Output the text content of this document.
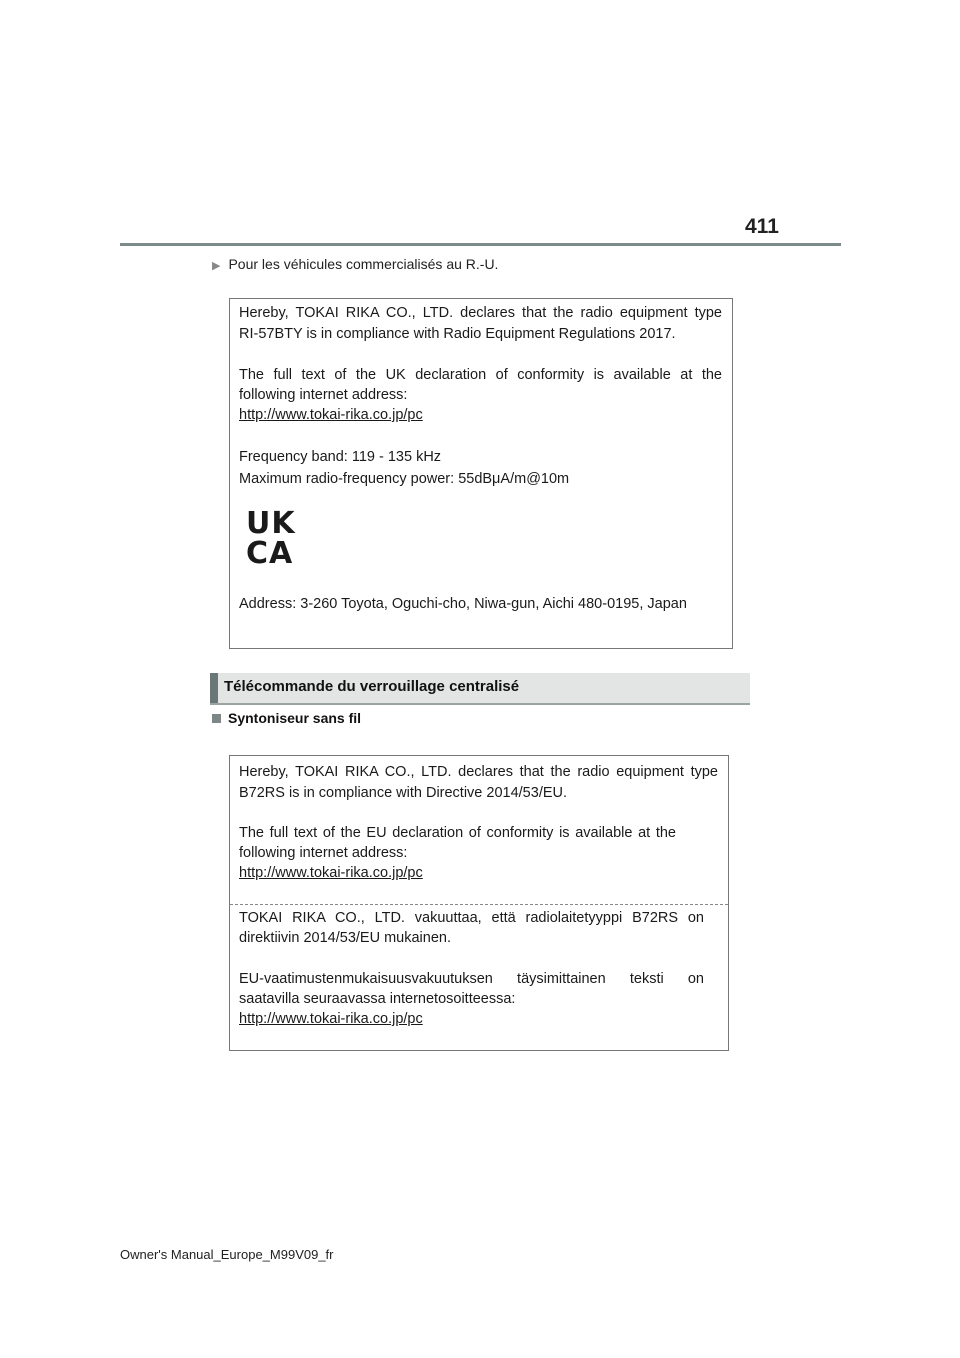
411
▶ Pour les véhicules commercialisés au R.-U.

Hereby, TOKAI RIKA CO., LTD. declares that the radio equipment type

RI-57BTY is in compliance with Radio Equipment Regulations 2017.

The full text of the UK declaration of conformity is available at the

following internet address:

http://www.tokai-rika.co.jp/pc

Frequency band: 119 - 135 kHz

Maximum radio-frequency power: 55dBμA/m@10m

UK
CA

Address: 3-260 Toyota, Oguchi-cho, Niwa-gun, Aichi 480-0195, Japan

Télécommande du verrouillage centralisé
Syntoniseur sans fil

Hereby, TOKAI RIKA CO., LTD. declares that the radio equipment type

B72RS is in compliance with Directive 2014/53/EU.

The full text of the EU declaration of conformity is available at the

following internet address:

http://www.tokai-rika.co.jp/pc

TOKAI RIKA CO., LTD. vakuuttaa, että radiolaitetyyppi B72RS on

direktiivin 2014/53/EU mukainen.

EU-vaatimustenmukaisuusvakuutuksen täysimittainen teksti on

saatavilla seuraavassa internetosoitteessa:

http://www.tokai-rika.co.jp/pc

Owner's Manual_Europe_M99V09_fr
